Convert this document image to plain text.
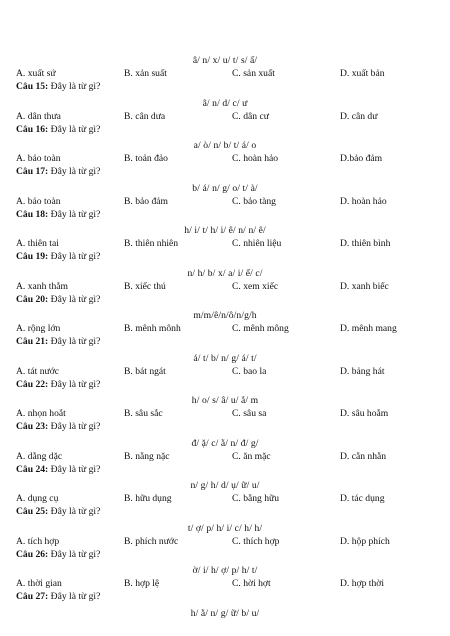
â/ n/ x/ u/ t/ s/ ấ/
A. xuất sứ	B. xản suất	C. sản xuất	D. xuất bản
Câu 15: Đây là từ gì?
â/ n/ d/ c/ ư
A. dân thưa	B. cân dưa	C. dân cư	D. cân dư
Câu 16: Đây là từ gì?
a/ ò/ n/ b/ t/ á/ o
A. bảo toàn	B. toản đảo	C. hoàn hảo	D.bảo đảm
Câu 17: Đây là từ gì?
b/ á/ n/ g/ o/ t/ à/
A. bảo toàn	B. bảo đảm	C. bảo tàng	D. hoàn hảo
Câu 18: Đây là từ gì?
h/ i/ t/ h/ i/ ê/ n/ n/ ê/
A. thiên tai	B. thiên nhiên	C. nhiên liệu	D. thiên bình
Câu 19: Đây là từ gì?
n/ h/ b/ x/ a/ i/ ế/ c/
A. xanh thẳm	B. xiếc thú	C. xem xiếc	D. xanh biếc
Câu 20: Đây là từ gì?
m/m/ê/n/ô/n/g/h
A. rộng lớn	B. mênh mônh	C. mênh mông	D. mênh mang
Câu 21: Đây là từ gì?
á/ t/ b/ n/ g/ á/ t/
A. tát nước	B. bát ngát	C. bao la	D. bảng hát
Câu 22: Đây là từ gì?
h/ o/ s/ â/ u/ ắ/ m
A. nhọn hoắt	B. sâu sắc	C. sâu sa	D. sâu hoắm
Câu 23: Đây là từ gì?
đ/ ặ/ c/ ằ/ n/ đ/ g/
A. dằng dặc	B. nằng nặc	C. ăn mặc	D. cằn nhằn
Câu 24: Đây là từ gì?
n/ g/ h/ d/ ụ/ ữ/ u/
A. dụng cụ	B. hữu dụng	C. bằng hữu	D. tác dụng
Câu 25: Đây là từ gì?
t/ ợ/ p/ h/ i/ c/ h/ h/
A. tích hợp	B. phích nước	C. thích hợp	D. hộp phích
Câu 26: Đây là từ gì?
ờ/ i/ h/ ợ/ p/ h/ t/
A. thời gian	B. hợp lệ	C. hời hợt	D. hợp thời
Câu 27: Đây là từ gì?
h/ ằ/ n/ g/ ữ/ b/ u/
